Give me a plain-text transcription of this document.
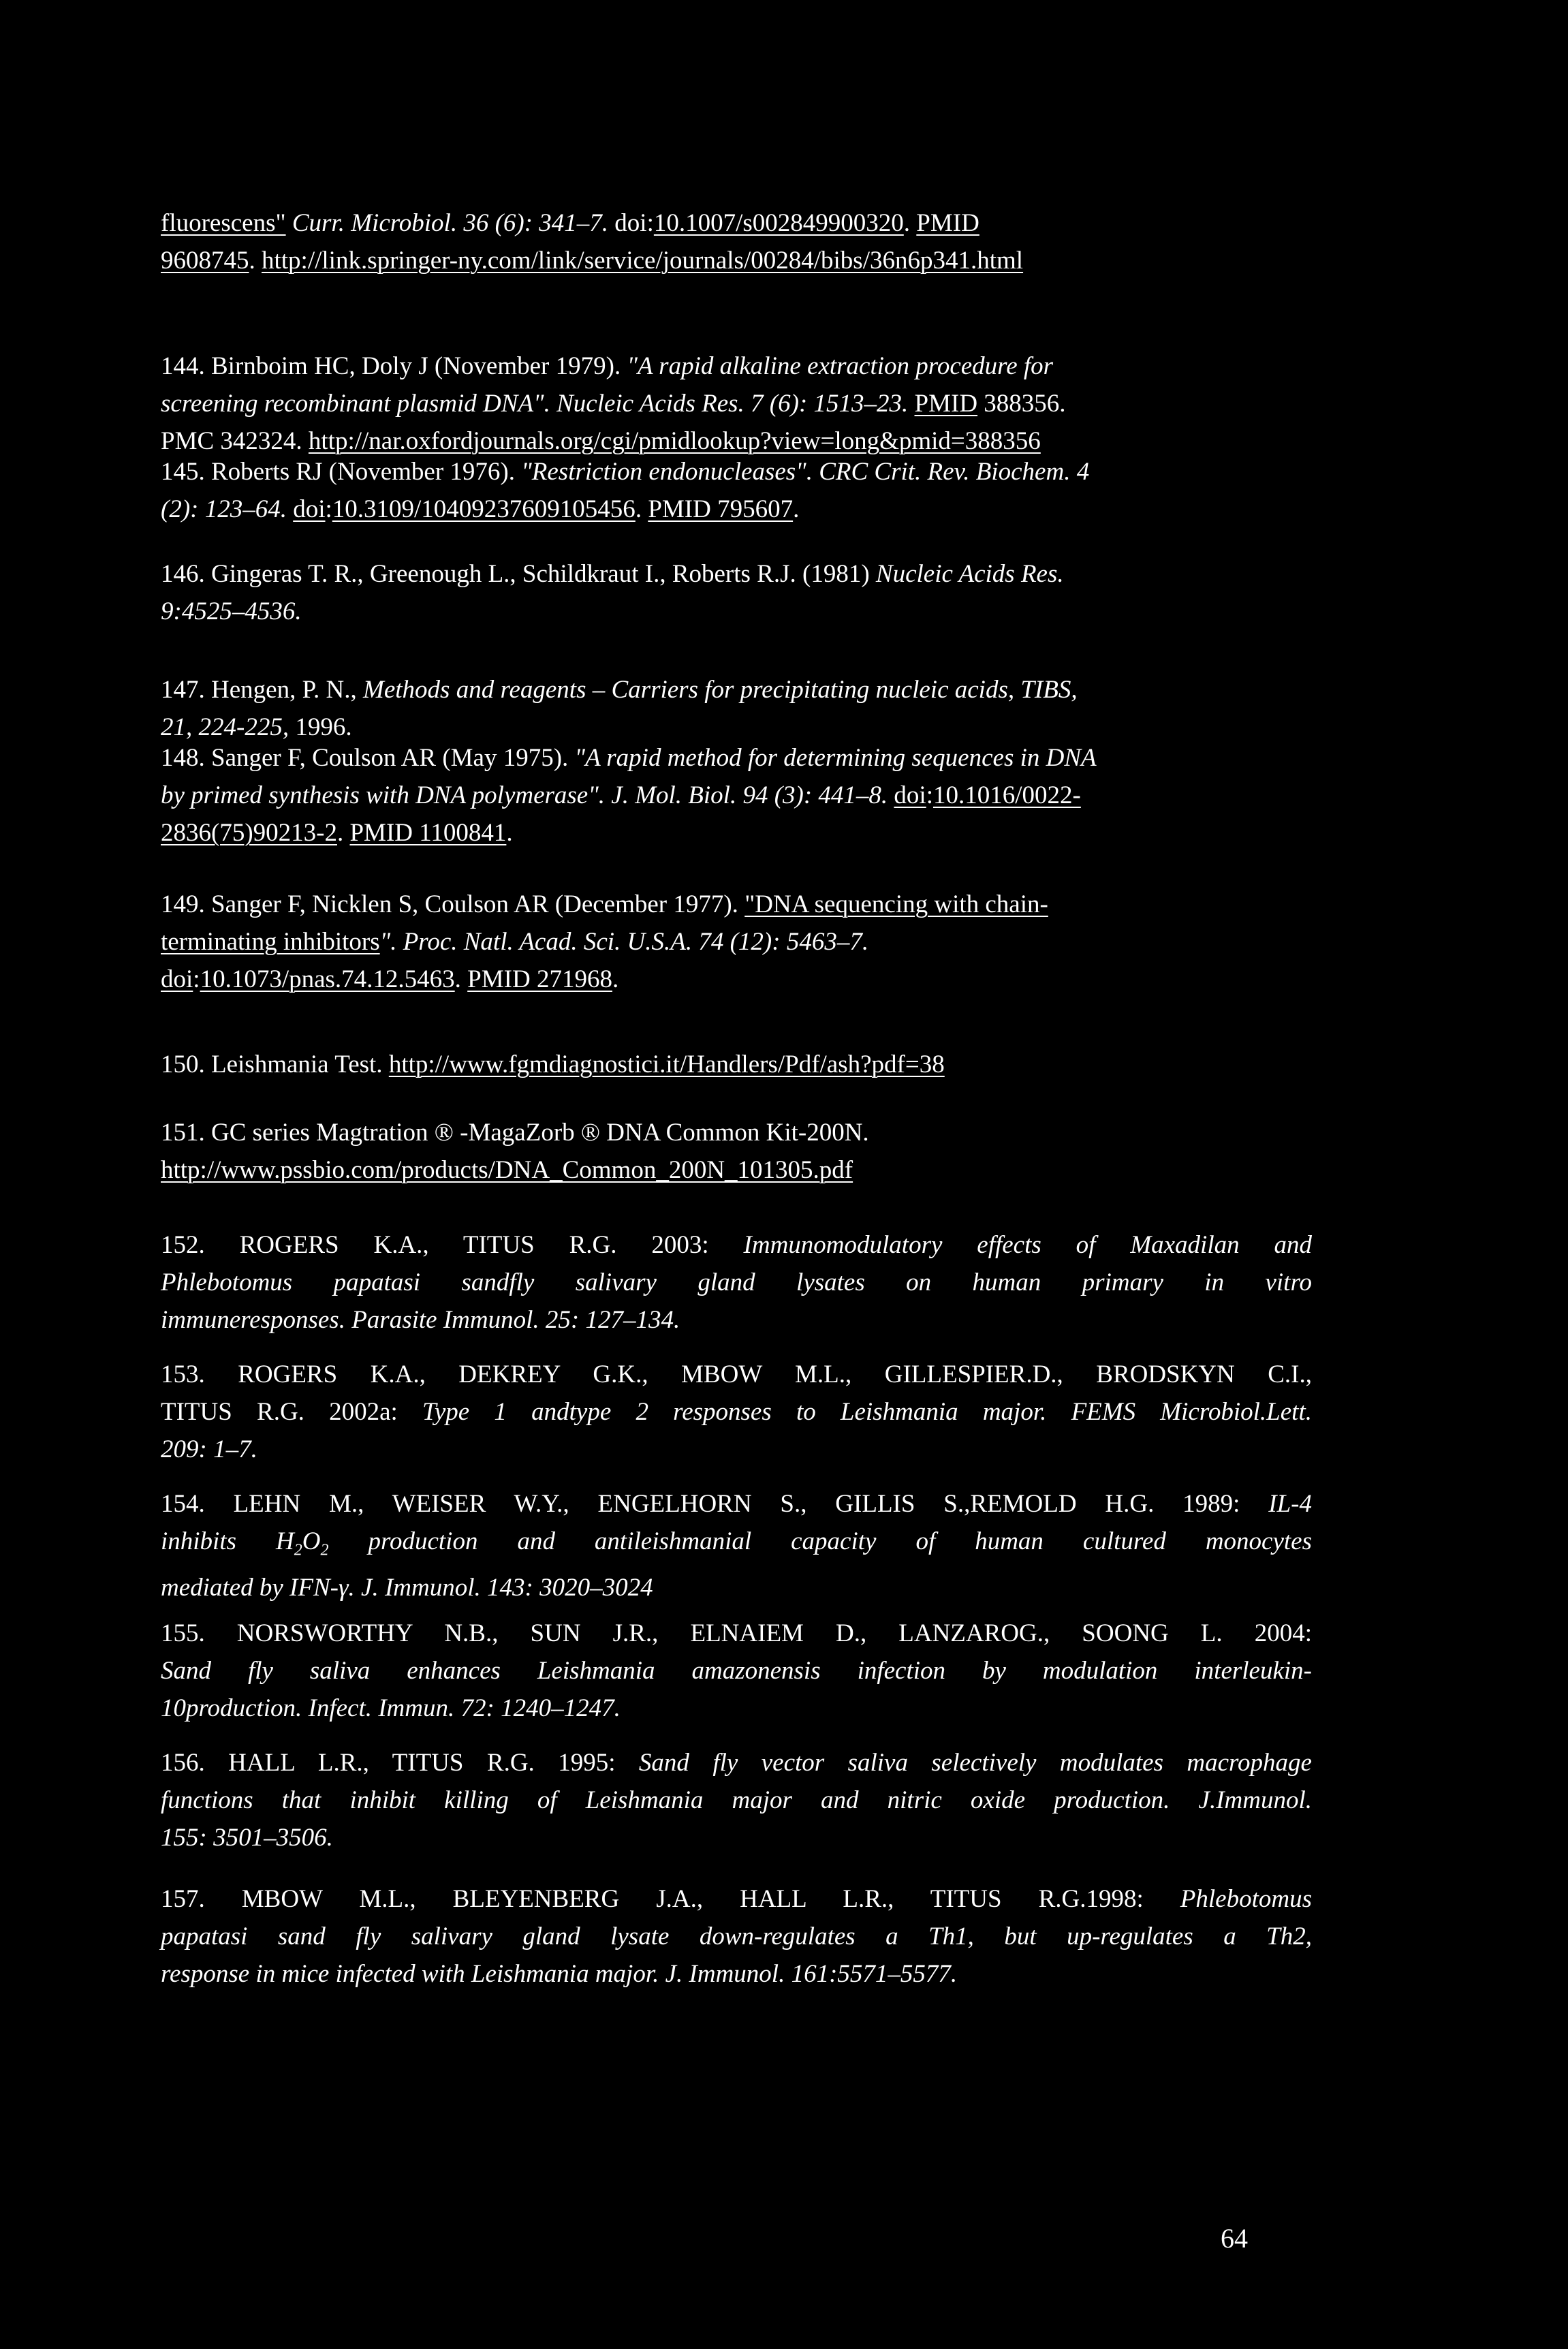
fluorescens" Curr. Microbiol. 36 (6): 341–7. doi:10.1007/s002849900320. PMID
9608745. http://link.springer-ny.com/link/service/journals/00284/bibs/36n6p341.html
144. Birnboim HC, Doly J (November 1979). "A rapid alkaline extraction procedure for
screening recombinant plasmid DNA". Nucleic Acids Res. 7 (6): 1513–23. PMID 388356.
PMC 342324. http://nar.oxfordjournals.org/cgi/pmidlookup?view=long&pmid=388356
145. Roberts RJ (November 1976). "Restriction endonucleases". CRC Crit. Rev. Biochem. 4
(2): 123–64. doi:10.3109/10409237609105456. PMID 795607.
146. Gingeras T. R., Greenough L., Schildkraut I., Roberts R.J. (1981) Nucleic Acids Res.
9:4525–4536.
147. Hengen, P. N., Methods and reagents – Carriers for precipitating nucleic acids, TIBS,
21, 224-225, 1996.
148. Sanger F, Coulson AR (May 1975). "A rapid method for determining sequences in DNA
by primed synthesis with DNA polymerase". J. Mol. Biol. 94 (3): 441–8. doi:10.1016/0022-
2836(75)90213-2. PMID 1100841.
149. Sanger F, Nicklen S, Coulson AR (December 1977). "DNA sequencing with chain-
terminating inhibitors". Proc. Natl. Acad. Sci. U.S.A. 74 (12): 5463–7.
doi:10.1073/pnas.74.12.5463. PMID 271968.
150. Leishmania Test. http://www.fgmdiagnostici.it/Handlers/Pdf/ash?pdf=38
151. GC series Magtration ® -MagaZorb ® DNA Common Kit-200N.
http://www.pssbio.com/products/DNA_Common_200N_101305.pdf
152. ROGERS K.A., TITUS R.G. 2003: Immunomodulatory effects of Maxadilan and
Phlebotomus papatasi sandfly salivary gland lysates on human primary in vitro
immuneresponses. Parasite Immunol. 25: 127–134.
153. ROGERS K.A., DEKREY G.K., MBOW M.L., GILLESPIER.D., BRODSKYN C.I.,
TITUS R.G. 2002a: Type 1 andtype 2 responses to Leishmania major. FEMS Microbiol.Lett.
209: 1–7.
154. LEHN M., WEISER W.Y., ENGELHORN S., GILLIS S.,REMOLD H.G. 1989: IL-4
inhibits $H_2O_2$ production and antileishmanial capacity of human cultured monocytes
mediated by IFN-γ. J. Immunol. 143: 3020–3024
155. NORSWORTHY N.B., SUN J.R., ELNAIEM D., LANZAROG., SOONG L. 2004:
Sand fly saliva enhances Leishmania amazonensis infection by modulation interleukin-
10production. Infect. Immun. 72: 1240–1247.
156. HALL L.R., TITUS R.G. 1995: Sand fly vector saliva selectively modulates macrophage
functions that inhibit killing of Leishmania major and nitric oxide production. J.Immunol.
155: 3501–3506.
157. MBOW M.L., BLEYENBERG J.A., HALL L.R., TITUS R.G.1998: Phlebotomus
papatasi sand fly salivary gland lysate down-regulates a Th1, but up-regulates a Th2,
response in mice infected with Leishmania major. J. Immunol. 161:5571–5577.
64
